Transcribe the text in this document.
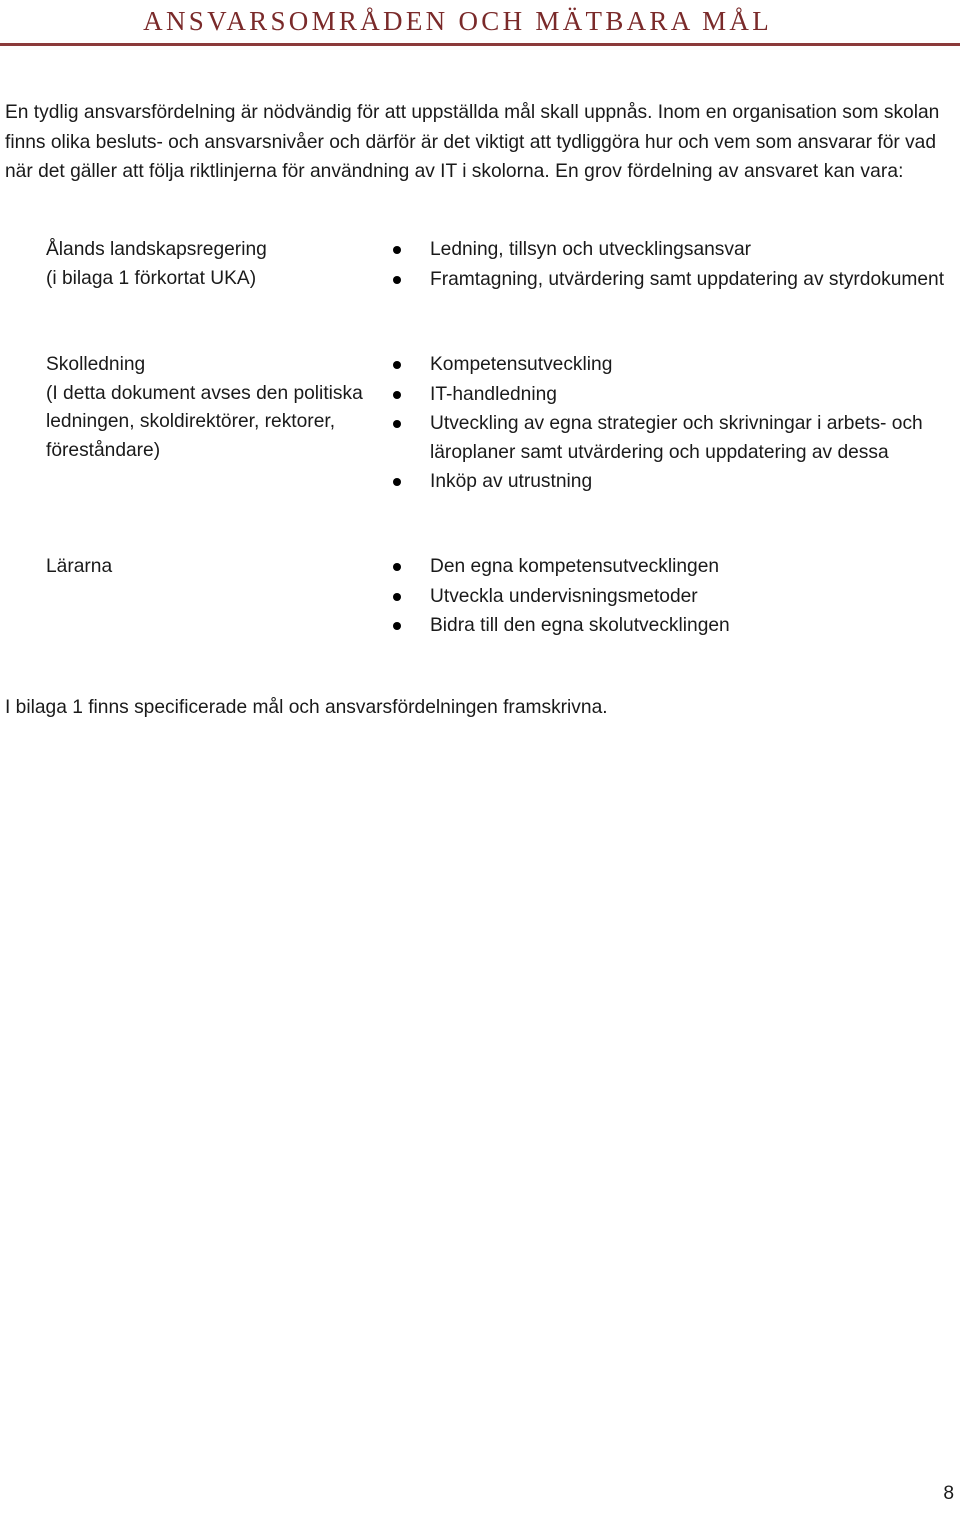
ANSVARSOMRÅDEN OCH MÄTBARA MÅL

En tydlig ansvarsfördelning är nödvändig för att uppställda mål skall uppnås. Inom en organisation som skolan finns olika besluts- och ansvarsnivåer och därför är det viktigt att tydliggöra hur och vem som ansvarar för vad när det gäller att följa riktlinjerna för användning av IT i skolorna. En grov fördelning av ansvaret kan vara:

Ålands landskapsregering
(i bilaga 1 förkortat UKA)
Ledning, tillsyn och utvecklingsansvar
Framtagning, utvärdering samt uppdatering av styrdokument
Skolledning
(I detta dokument avses den politiska ledningen, skoldirektörer, rektorer, föreståndare)
Kompetensutveckling
IT-handledning
Utveckling av egna strategier och skrivningar i arbets- och läroplaner samt utvärdering och uppdatering av dessa
Inköp av utrustning
Lärarna	Den egna kompetensutvecklingen
Utveckla undervisningsmetoder
Bidra till den egna skolutvecklingen

I bilaga 1 finns specificerade mål och ansvarsfördelningen framskrivna.

8
